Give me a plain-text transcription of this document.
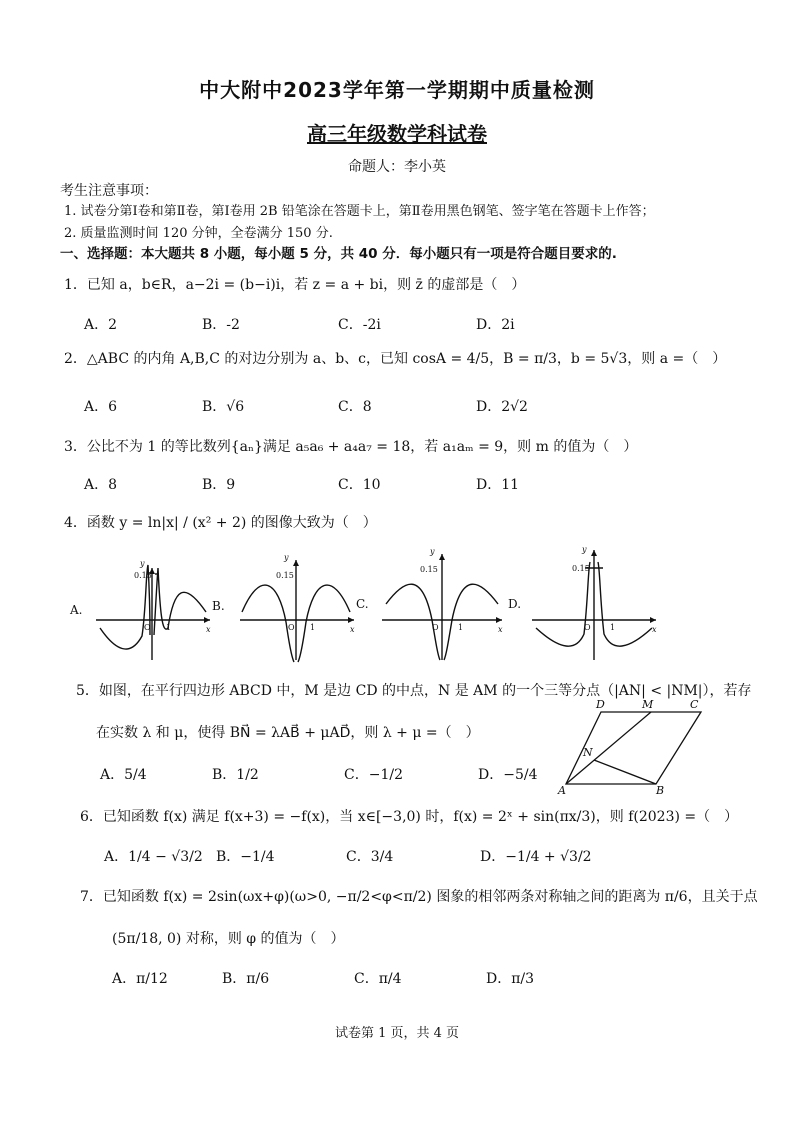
中大附中2023学年第一学期期中质量检测
高三年级数学科试卷
命题人：李小英
考生注意事项：
1. 试卷分第Ⅰ卷和第Ⅱ卷，第Ⅰ卷用 2B 铅笔涂在答题卡上，第Ⅱ卷用黑色钢笔、签字笔在答题卡上作答；
2. 质量监测时间 120 分钟，全卷满分 150 分.
一、选择题：本大题共 8 小题，每小题 5 分，共 40 分．每小题只有一项是符合题目要求的.
1．已知 a，b∈R，a−2i = (b−i)i，若 z = a + bi，则 z̄ 的虚部是（　）
A．2	B．-2	C．-2i	D．2i
2．△ABC 的内角 A,B,C 的对边分别为 a、b、c，已知 cosA = 4/5，B = π/3，b = 5√3，则 a =（　）
A．6	B．√6	C．8	D．2√2
3．公比不为 1 的等比数列{aₙ}满足 a₅a₆ + a₄a₇ = 18，若 a₁aₘ = 9，则 m 的值为（　）
A．8	B．9	C．10	D．11
4．函数 y = ln|x| / (x² + 2) 的图像大致为（　）
A.	B.	C.	D.
y
x
y
x
y
x
y
x
0.15
O 1
0.15
O 1
0.15
O 1
0.15
O 1
5．如图，在平行四边形 ABCD 中，M 是边 CD 的中点，N 是 AM 的一个三等分点（|AN| < |NM|），若存
在实数 λ 和 μ，使得 BN⃗ = λAB⃗ + μAD⃗，则 λ + μ =（　）
A．5/4	B．1/2	C．−1/2	D．−5/4
A	B
C
D	M
N
6．已知函数 f(x) 满足 f(x+3) = −f(x)，当 x∈[−3,0) 时，f(x) = 2ˣ + sin(πx/3)，则 f(2023) =（　）
A．1/4 − √3/2 B．−1/4	C．3/4	D．−1/4 + √3/2
7．已知函数 f(x) = 2sin(ωx+φ)(ω>0, −π/2<φ<π/2) 图象的相邻两条对称轴之间的距离为 π/6，且关于点
(5π/18, 0) 对称，则 φ 的值为（　）
A．π/12	B．π/6	C．π/4	D．π/3
试卷第 1 页，共 4 页
